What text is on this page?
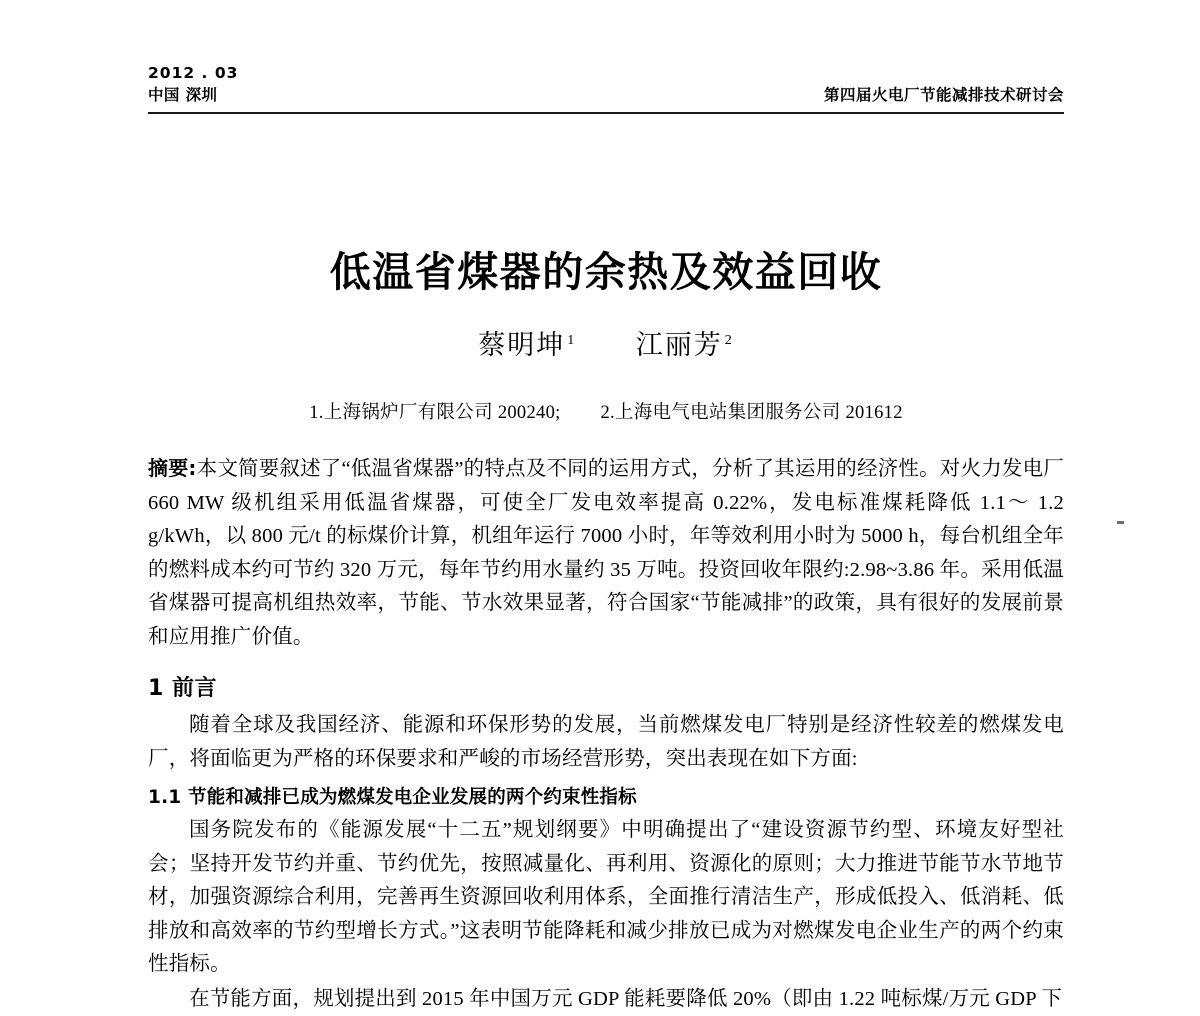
2012 . 03
中国 深圳	第四届火电厂节能减排技术研讨会
低温省煤器的余热及效益回收
蔡明坤 $^1$ 江丽芳 $^2$
1.上海锅炉厂有限公司 200240; 2.上海电气电站集团服务公司 201612
摘要:本文简要叙述了“低温省煤器”的特点及不同的运用方式，分析了其运用的经济性。对火力发电厂 660 MW 级机组采用低温省煤器，可使全厂发电效率提高 0.22%，发电标准煤耗降低 1.1～ 1.2 g/kWh，以 800 元/t 的标煤价计算，机组年运行 7000 小时，年等效利用小时为 5000 h，每台机组全年的燃料成本约可节约 320 万元，每年节约用水量约 35 万吨。投资回收年限约:2.98~3.86 年。采用低温省煤器可提高机组热效率，节能、节水效果显著，符合国家“节能减排”的政策，具有很好的发展前景和应用推广价值。
1 前言
随着全球及我国经济、能源和环保形势的发展，当前燃煤发电厂特别是经济性较差的燃煤发电厂，将面临更为严格的环保要求和严峻的市场经营形势，突出表现在如下方面:
1.1 节能和减排已成为燃煤发电企业发展的两个约束性指标
国务院发布的《能源发展“十二五”规划纲要》中明确提出了“建设资源节约型、环境友好型社会；坚持开发节约并重、节约优先，按照减量化、再利用、资源化的原则；大力推进节能节水节地节材，加强资源综合利用，完善再生资源回收利用体系，全面推行清洁生产，形成低投入、低消耗、低排放和高效率的节约型增长方式。”这表明节能降耗和减少排放已成为对燃煤发电企业生产的两个约束性指标。
在节能方面，规划提出到 2015 年中国万元 GDP 能耗要降低 20%（即由 1.22 吨标煤/万元 GDP 下
